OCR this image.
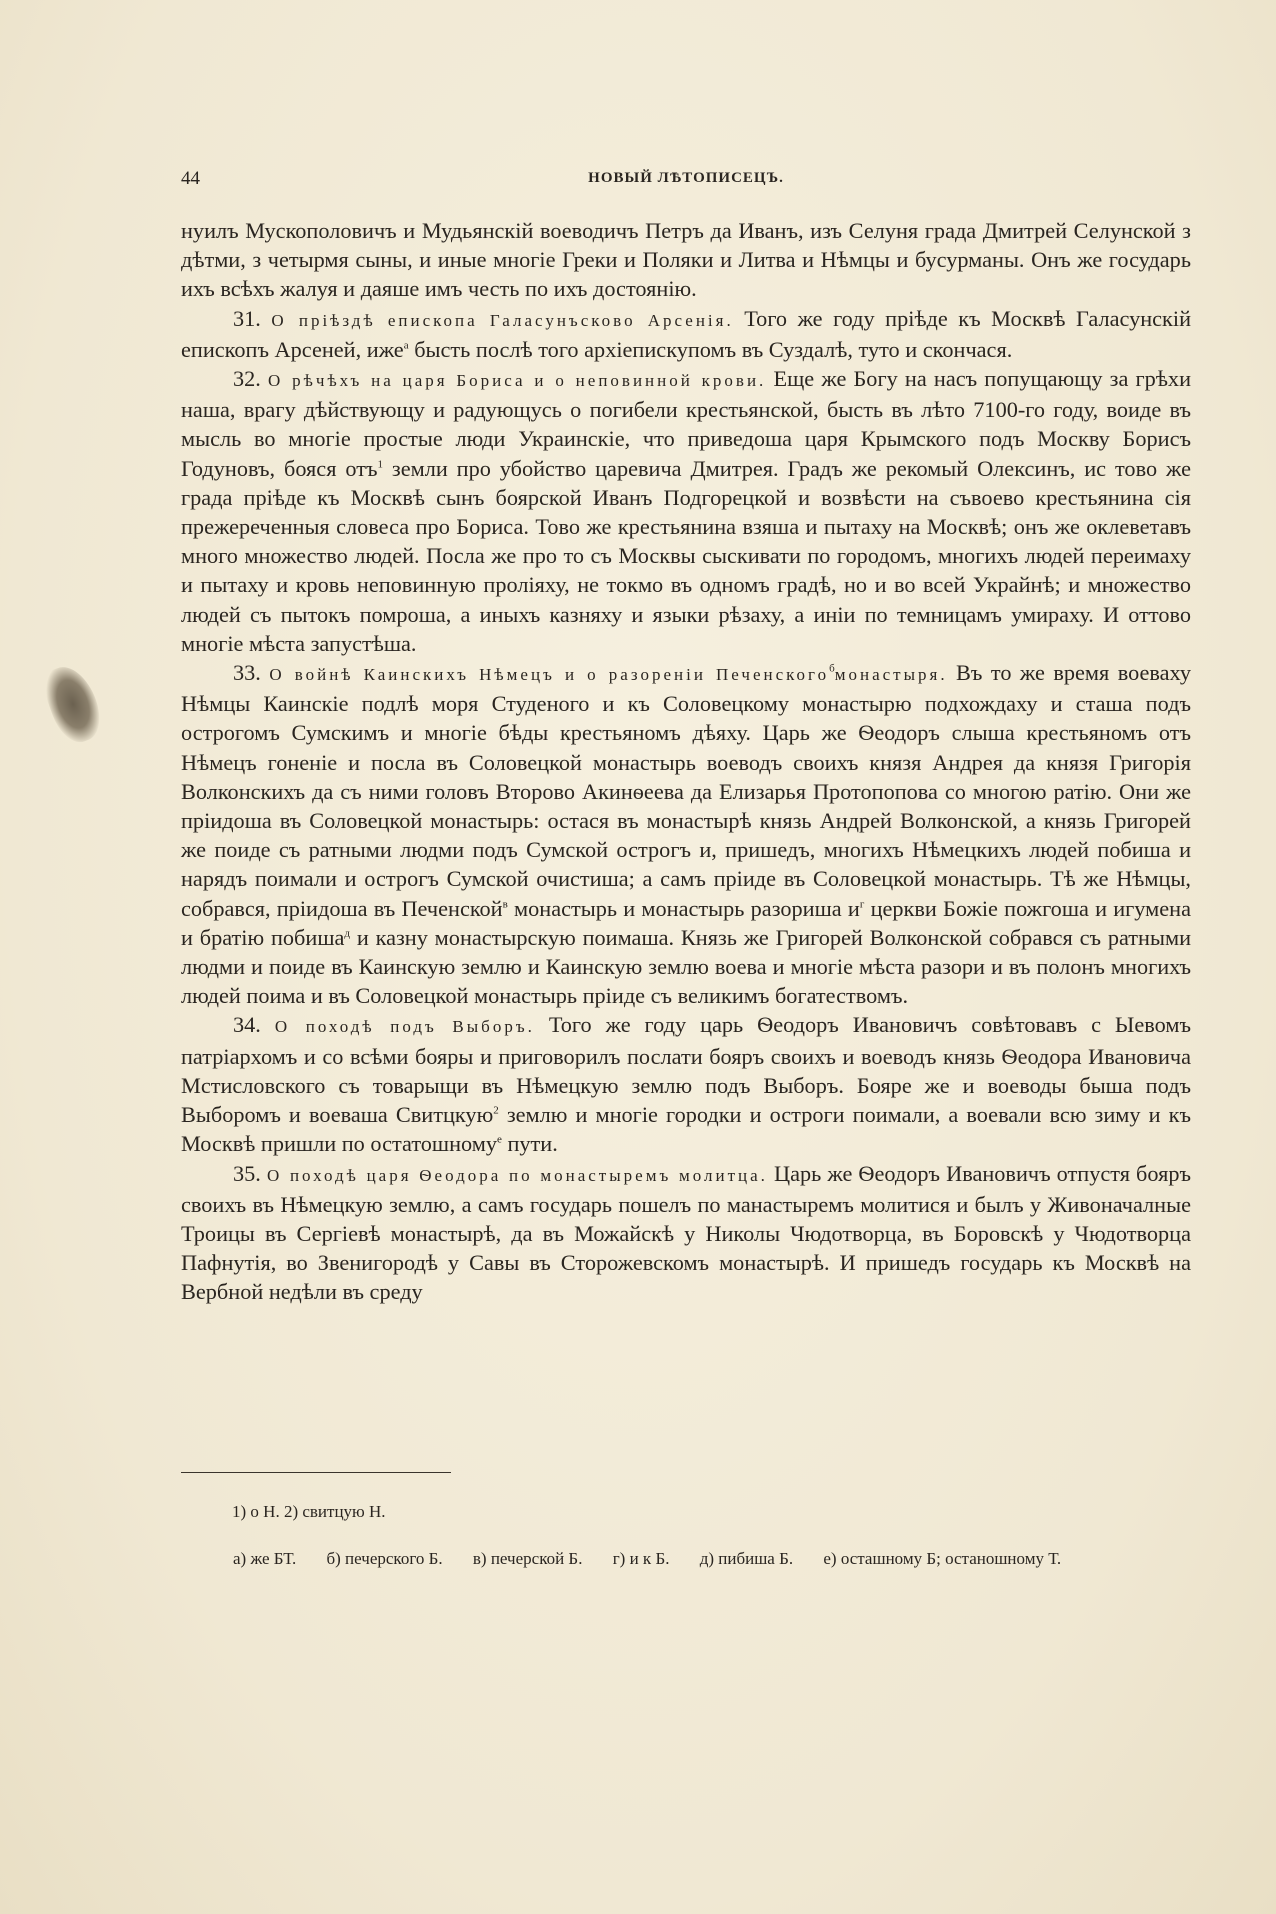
44	НОВЫЙ ЛѢТОПИСЕЦЪ.

нуилъ Мускополовичъ и Мудьянскій воеводичъ Петръ да Иванъ, изъ Селуня града Дмитрей Селунской з дѣтми, з четырмя сыны, и иные многіе Греки и Поляки и Литва и Нѣмцы и бусурманы. Онъ же государь ихъ всѣхъ жалуя и даяше имъ честь по ихъ достоянію.

31. О пріѣздѣ епископа Галасунъсково Арсенія. Того же году пріѣде къ Москвѣ Галасунскій епископъ Арсеней, иже$^а$ бысть послѣ того архіепискупомъ въ Суздалѣ, туто и скончася.

32. О рѣчѣхъ на царя Бориса и о неповинной крови. Еще же Богу на насъ попущающу за грѣхи наша, врагу дѣйствующу и радующусь о погибели крестьянской, бысть въ лѣто 7100-го году, воиде въ мысль во многіе простые люди Украинскіе, что приведоша царя Крымского подъ Москву Борисъ Годуновъ, бояся отъ$^1$ земли про убойство царевича Дмитрея. Градъ же рекомый Олексинъ, ис тово же града пріѣде къ Москвѣ сынъ боярской Иванъ Подгорецкой и возвѣсти на съвоево крестьянина сія прежереченныя словеса про Бориса. Тово же крестьянина взяша и пытаху на Москвѣ; онъ же оклеветавъ много множество людей. Посла же про то съ Москвы сыскивати по городомъ, многихъ людей переимаху и пытаху и кровь неповинную проліяху, не токмо въ одномъ градѣ, но и во всей Украйнѣ; и множество людей съ пытокъ помроша, а иныхъ казняху и языки рѣзаху, а иніи по темницамъ умираху. И оттово многіе мѣста запустѣша.

33. О войнѣ Каинскихъ Нѣмецъ и о разореніи Печенского$^б$монастыря. Въ то же время воеваху Нѣмцы Каинскіе подлѣ моря Студеного и къ Соловецкому монастырю подхождаху и сташа подъ острогомъ Сумскимъ и многіе бѣды крестьяномъ дѣяху. Царь же Ѳеодоръ слыша крестьяномъ отъ Нѣмецъ гоненіе и посла въ Соловецкой монастырь воеводъ своихъ князя Андрея да князя Григорія Волконскихъ да съ ними головъ Второво Акинѳеева да Елизарья Протопопова со многою ратію. Они же пріидоша въ Соловецкой монастырь: остася въ монастырѣ князь Андрей Волконской, а князь Григорей же поиде съ ратными людми подъ Сумской острогъ и, пришедъ, многихъ Нѣмецкихъ людей побиша и нарядъ поимали и острогъ Сумской очистиша; а самъ пріиде въ Соловецкой монастырь. Тѣ же Нѣмцы, собрався, пріидоша въ Печенской$^в$ монастырь и монастырь разориша $и^г$ церкви Божіе пожгоша и игумена и братію побиша$^д$ и казну монастырскую поимаша. Князь же Григорей Волконской собрався съ ратными людми и поиде въ Каинскую землю и Каинскую землю воева и многіе мѣста разори и въ полонъ многихъ людей поима и въ Соловецкой монастырь пріиде съ великимъ богатествомъ.

34. О походѣ подъ Выборъ. Того же году царь Ѳеодоръ Ивановичъ совѣтовавъ с Ыевомъ патріархомъ и со всѣми бояры и приговорилъ послати бояръ своихъ и воеводъ князь Ѳеодора Ивановича Мстисловского съ товарыщи въ Нѣмецкую землю подъ Выборъ. Бояре же и воеводы быша подъ Выборомъ и воеваша Свитцкую$^2$ землю и многіе городки и остроги поимали, а воевали всю зиму и къ Москвѣ пришли по остатошному$^е$ пути.

35. О походѣ царя Ѳеодора по монастыремъ молитца. Царь же Ѳеодоръ Ивановичъ отпустя бояръ своихъ въ Нѣмецкую землю, а самъ государь пошелъ по манастыремъ молитися и былъ у Живоначалные Троицы въ Сергіевѣ монастырѣ, да въ Можайскѣ у Николы Чюдотворца, въ Боровскѣ у Чюдотворца Пафнутія, во Звенигородѣ у Савы въ Сторожевскомъ монастырѣ. И пришедъ государь къ Москвѣ на Вербной недѣли въ среду

1) о Н. 2) свитцую Н.
а) же БТ. б) печерского Б. в) печерской Б. г) и к Б. д) пибиша Б. е) осташному Б; останошному Т.
